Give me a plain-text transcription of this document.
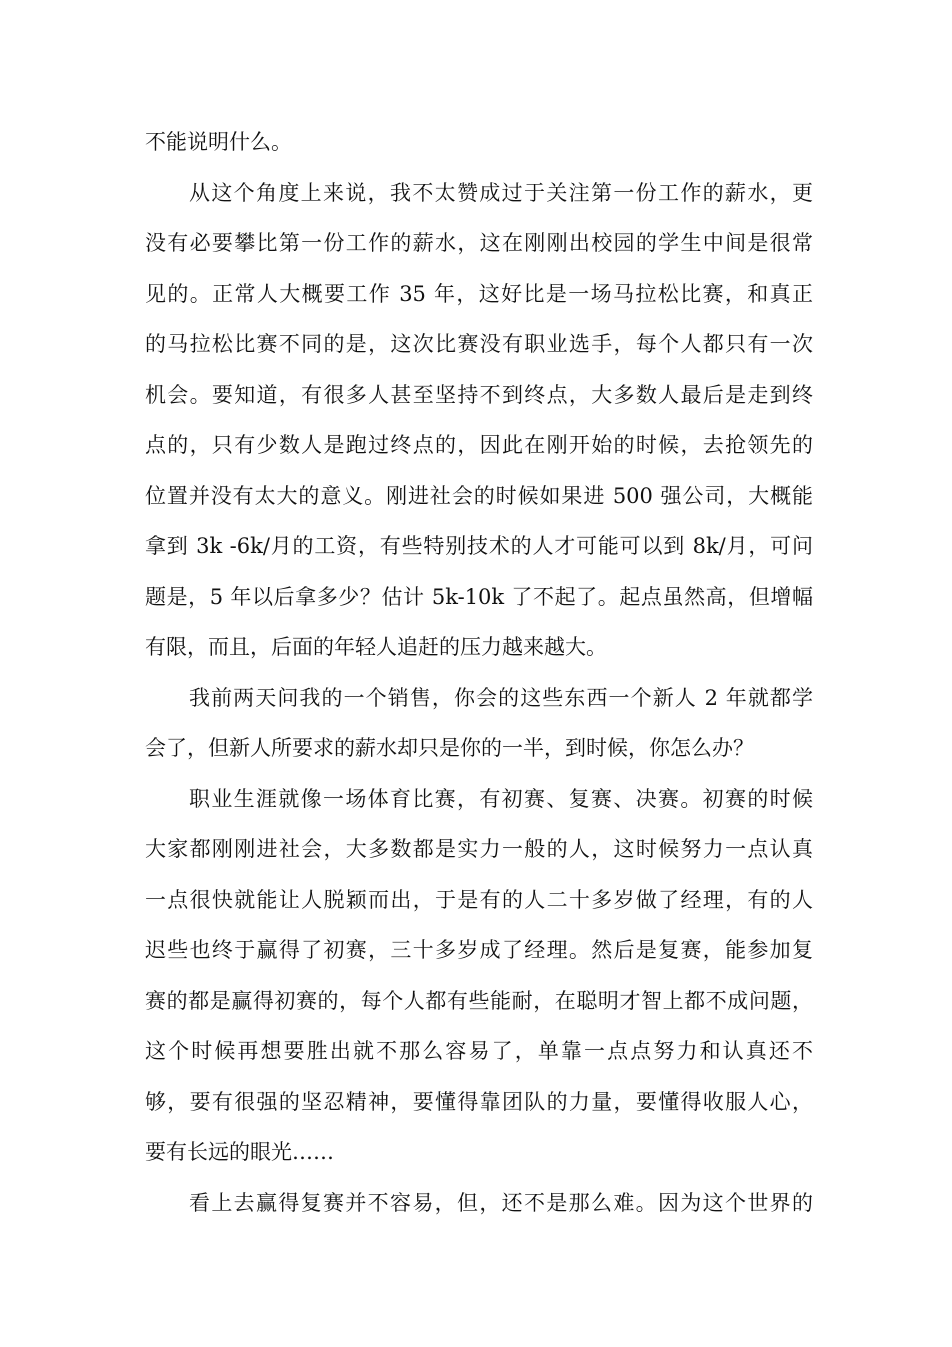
不能说明什么。
从这个角度上来说，我不太赞成过于关注第一份工作的薪水，更
没有必要攀比第一份工作的薪水，这在刚刚出校园的学生中间是很常
见的。正常人大概要工作 35 年，这好比是一场马拉松比赛，和真正
的马拉松比赛不同的是，这次比赛没有职业选手，每个人都只有一次
机会。要知道，有很多人甚至坚持不到终点，大多数人最后是走到终
点的，只有少数人是跑过终点的，因此在刚开始的时候，去抢领先的
位置并没有太大的意义。刚进社会的时候如果进 500 强公司，大概能
拿到 3k -6k/月的工资，有些特别技术的人才可能可以到 8k/月，可问
题是，5 年以后拿多少？估计 5k-10k 了不起了。起点虽然高，但增幅
有限，而且，后面的年轻人追赶的压力越来越大。
我前两天问我的一个销售，你会的这些东西一个新人 2 年就都学
会了，但新人所要求的薪水却只是你的一半，到时候，你怎么办？
职业生涯就像一场体育比赛，有初赛、复赛、决赛。初赛的时候
大家都刚刚进社会，大多数都是实力一般的人，这时候努力一点认真
一点很快就能让人脱颖而出，于是有的人二十多岁做了经理，有的人
迟些也终于赢得了初赛，三十多岁成了经理。然后是复赛，能参加复
赛的都是赢得初赛的，每个人都有些能耐，在聪明才智上都不成问题，
这个时候再想要胜出就不那么容易了，单靠一点点努力和认真还不
够，要有很强的坚忍精神，要懂得靠团队的力量，要懂得收服人心，
要有长远的眼光……
看上去赢得复赛并不容易，但，还不是那么难。因为这个世界的
